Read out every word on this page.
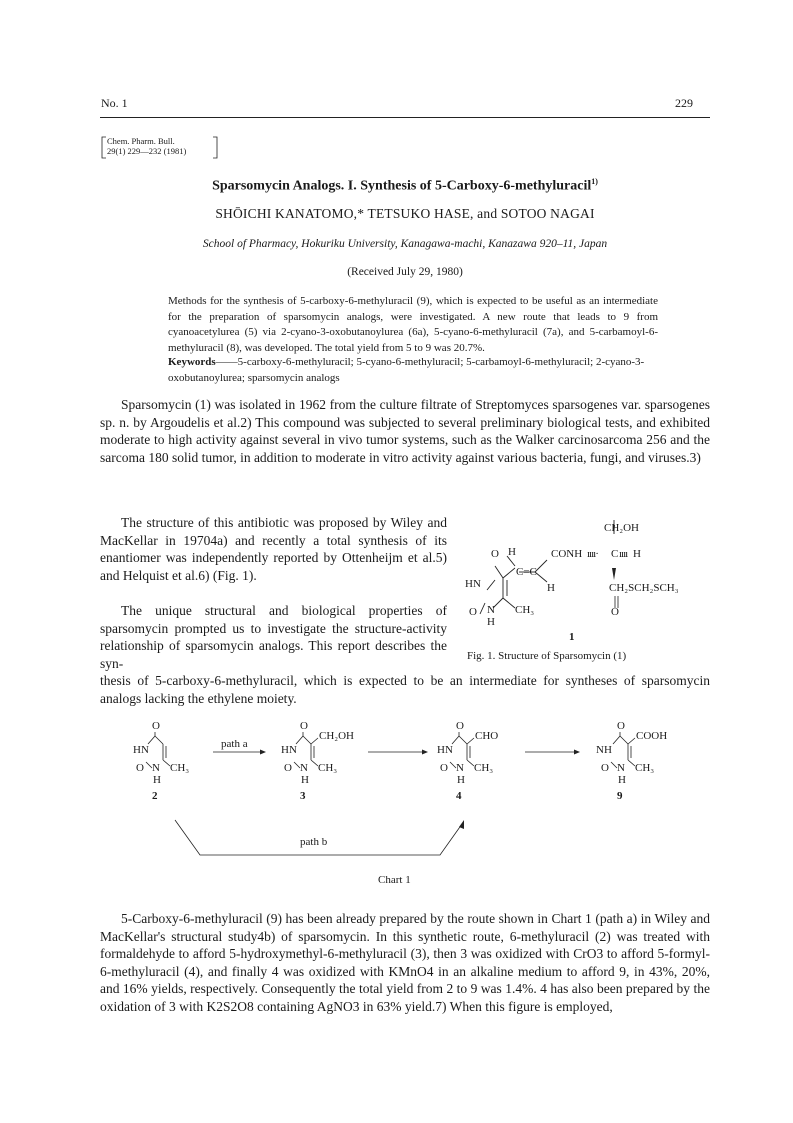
No. 1	229
Chem. Pharm. Bull.
29(1) 229—232 (1981)
Sparsomycin Analogs. I. Synthesis of 5-Carboxy-6-methyluracil$^{1)}$
SHŌICHI KANATOMO,* TETSUKO HASE, and SOTOO NAGAI
School of Pharmacy, Hokuriku University, Kanagawa-machi, Kanazawa 920–11, Japan
(Received July 29, 1980)
Methods for the synthesis of 5-carboxy-6-methyluracil (9), which is expected to be useful as an intermediate for the preparation of sparsomycin analogs, were investigated. A new route that leads to 9 from cyanoacetylurea (5) via 2-cyano-3-oxobutanoylurea (6a), 5-cyano-6-methyluracil (7a), and 5-carbamoyl-6-methyluracil (8), was developed. The total yield from 5 to 9 was 20.7%.
Keywords——5-carboxy-6-methyluracil; 5-cyano-6-methyluracil; 5-carbamoyl-6-methyluracil; 2-cyano-3-oxobutanoylurea; sparsomycin analogs
Sparsomycin (1) was isolated in 1962 from the culture filtrate of Streptomyces sparsogenes var. sparsogenes sp. n. by Argoudelis et al.2) This compound was subjected to several preliminary biological tests, and exhibited moderate to high activity against several in vivo tumor systems, such as the Walker carcinosarcoma 256 and the sarcoma 180 solid tumor, in addition to moderate in vitro activity against various bacteria, fungi, and viruses.3)
The structure of this antibiotic was proposed by Wiley and MacKellar in 19704a) and recently a total synthesis of its enantiomer was independently reported by Ottenheijm et al.5) and Helquist et al.6) (Fig. 1).
The unique structural and biological properties of sparsomycin prompted us to investigate the structure-activity relationship of sparsomycin analogs. This report describes the syn-
thesis of 5-carboxy-6-methyluracil, which is expected to be an intermediate for syntheses of sparsomycin analogs lacking the ethylene moiety.
CH₂OH
O H	CONH ıııı· C ıııı H
C=C
HN	H	CH₂SCH₂SCH₃
O
O N CH₃
H
1
Fig. 1. Structure of Sparsomycin (1)
O
HN
O N CH₃
H
2
path a
O
HN
CH₂OH
O N CH₃
H
3
O
HN
CHO
O N CH₃
H
4
O
NH
COOH
O N CH₃
H
9
path b
Chart 1
5-Carboxy-6-methyluracil (9) has been already prepared by the route shown in Chart 1 (path a) in Wiley and MacKellar's structural study4b) of sparsomycin. In this synthetic route, 6-methyluracil (2) was treated with formaldehyde to afford 5-hydroxymethyl-6-methyluracil (3), then 3 was oxidized with CrO3 to afford 5-formyl-6-methyluracil (4), and finally 4 was oxidized with KMnO4 in an alkaline medium to afford 9, in 43%, 20%, and 16% yields, respectively. Consequently the total yield from 2 to 9 was 1.4%. 4 has also been prepared by the oxidation of 3 with K2S2O8 containing AgNO3 in 63% yield.7) When this figure is employed,
